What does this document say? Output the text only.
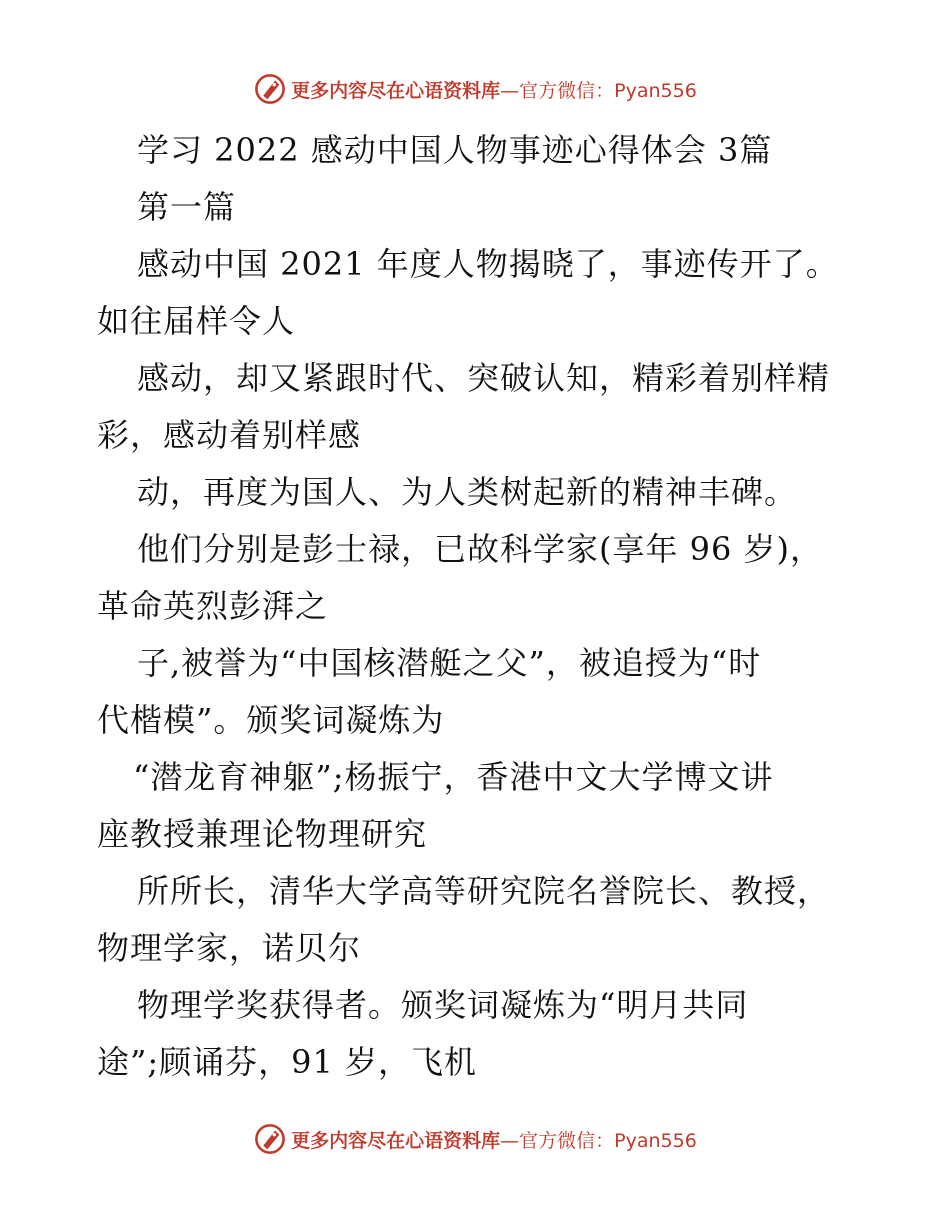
更多内容尽在心语资料库 —官方微信：Pyan556
学习 2022 感动中国人物事迹心得体会 3篇
第一篇
感动中国 2021 年度人物揭晓了，事迹传开了。
如往届样令人
感动，却又紧跟时代、突破认知，精彩着别样精
彩，感动着别样感
动，再度为国人、为人类树起新的精神丰碑。
他们分别是彭士禄，已故科学家(享年 96 岁)，
革命英烈彭湃之
子,被誉为“中国核潜艇之父”，被追授为“时
代楷模”。颁奖词凝炼为
“潜龙育神躯”;杨振宁，香港中文大学博文讲
座教授兼理论物理研究
所所长，清华大学高等研究院名誉院长、教授，
物理学家，诺贝尔
物理学奖获得者。颁奖词凝炼为“明月共同
途”;顾诵芬，91 岁，飞机
更多内容尽在心语资料库 —官方微信：Pyan556
